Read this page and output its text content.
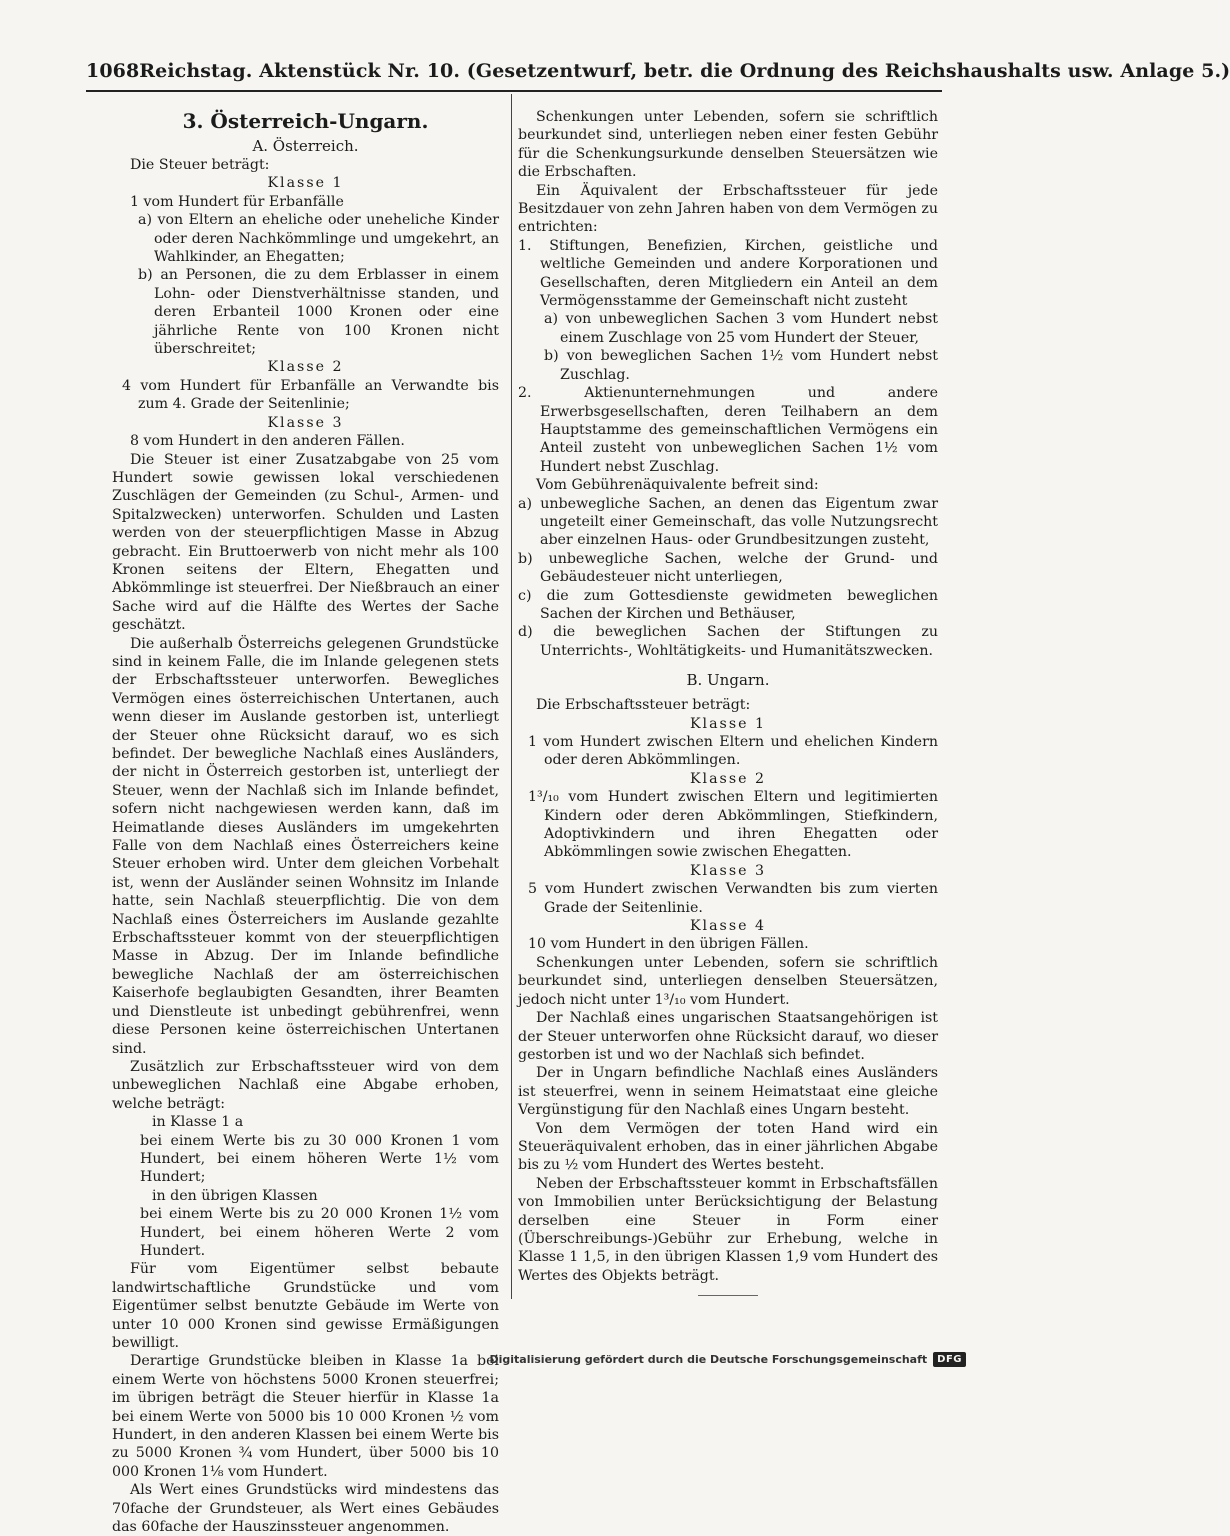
1068 Reichstag. Aktenstück Nr. 10. (Gesetzentwurf, betr. die Ordnung des Reichshaushalts usw. Anlage 5.)
3. Österreich-Ungarn.
A. Österreich.

Die Steuer beträgt:

Klasse 1

1 vom Hundert für Erbanfälle

a) von Eltern an eheliche oder uneheliche Kinder oder deren Nachkömmlinge und umgekehrt, an Wahlkinder, an Ehegatten;

b) an Personen, die zu dem Erblasser in einem Lohn- oder Dienstverhältnisse standen, und deren Erbanteil 1000 Kronen oder eine jährliche Rente von 100 Kronen nicht überschreitet;

Klasse 2

4 vom Hundert für Erbanfälle an Verwandte bis zum 4. Grade der Seitenlinie;

Klasse 3

8 vom Hundert in den anderen Fällen.

Die Steuer ist einer Zusatzabgabe von 25 vom Hundert sowie gewissen lokal verschiedenen Zuschlägen der Gemeinden (zu Schul-, Armen- und Spitalzwecken) unterworfen. Schulden und Lasten werden von der steuerpflichtigen Masse in Abzug gebracht. Ein Bruttoerwerb von nicht mehr als 100 Kronen seitens der Eltern, Ehegatten und Abkömmlinge ist steuerfrei. Der Nießbrauch an einer Sache wird auf die Hälfte des Wertes der Sache geschätzt.

Die außerhalb Österreichs gelegenen Grundstücke sind in keinem Falle, die im Inlande gelegenen stets der Erbschaftssteuer unterworfen. Bewegliches Vermögen eines österreichischen Untertanen, auch wenn dieser im Auslande gestorben ist, unterliegt der Steuer ohne Rücksicht darauf, wo es sich befindet. Der bewegliche Nachlaß eines Ausländers, der nicht in Österreich gestorben ist, unterliegt der Steuer, wenn der Nachlaß sich im Inlande befindet, sofern nicht nachgewiesen werden kann, daß im Heimatlande dieses Ausländers im umgekehrten Falle von dem Nachlaß eines Österreichers keine Steuer erhoben wird. Unter dem gleichen Vorbehalt ist, wenn der Ausländer seinen Wohnsitz im Inlande hatte, sein Nachlaß steuerpflichtig. Die von dem Nachlaß eines Österreichers im Auslande gezahlte Erbschaftssteuer kommt von der steuerpflichtigen Masse in Abzug. Der im Inlande befindliche bewegliche Nachlaß der am österreichischen Kaiserhofe beglaubigten Gesandten, ihrer Beamten und Dienstleute ist unbedingt gebührenfrei, wenn diese Personen keine österreichischen Untertanen sind.

Zusätzlich zur Erbschaftssteuer wird von dem unbeweglichen Nachlaß eine Abgabe erhoben, welche beträgt:

in Klasse 1 a

bei einem Werte bis zu 30 000 Kronen 1 vom Hundert, bei einem höheren Werte 1½ vom Hundert;

in den übrigen Klassen

bei einem Werte bis zu 20 000 Kronen 1½ vom Hundert, bei einem höheren Werte 2 vom Hundert.

Für vom Eigentümer selbst bebaute landwirtschaftliche Grundstücke und vom Eigentümer selbst benutzte Gebäude im Werte von unter 10 000 Kronen sind gewisse Ermäßigungen bewilligt.

Derartige Grundstücke bleiben in Klasse 1a bei einem Werte von höchstens 5000 Kronen steuerfrei; im übrigen beträgt die Steuer hierfür in Klasse 1a bei einem Werte von 5000 bis 10 000 Kronen ½ vom Hundert, in den anderen Klassen bei einem Werte bis zu 5000 Kronen ¾ vom Hundert, über 5000 bis 10 000 Kronen 1⅛ vom Hundert.

Als Wert eines Grundstücks wird mindestens das 70fache der Grundsteuer, als Wert eines Gebäudes das 60fache der Hauszinssteuer angenommen.

Schenkungen unter Lebenden, sofern sie schriftlich beurkundet sind, unterliegen neben einer festen Gebühr für die Schenkungsurkunde denselben Steuersätzen wie die Erbschaften.

Ein Äquivalent der Erbschaftssteuer für jede Besitzdauer von zehn Jahren haben von dem Vermögen zu entrichten:

1. Stiftungen, Benefizien, Kirchen, geistliche und weltliche Gemeinden und andere Korporationen und Gesellschaften, deren Mitgliedern ein Anteil an dem Vermögensstamme der Gemeinschaft nicht zusteht

a) von unbeweglichen Sachen 3 vom Hundert nebst einem Zuschlage von 25 vom Hundert der Steuer,

b) von beweglichen Sachen 1½ vom Hundert nebst Zuschlag.

2. Aktienunternehmungen und andere Erwerbsgesellschaften, deren Teilhabern an dem Hauptstamme des gemeinschaftlichen Vermögens ein Anteil zusteht von unbeweglichen Sachen 1½ vom Hundert nebst Zuschlag.

Vom Gebührenäquivalente befreit sind:

a) unbewegliche Sachen, an denen das Eigentum zwar ungeteilt einer Gemeinschaft, das volle Nutzungsrecht aber einzelnen Haus- oder Grundbesitzungen zusteht,

b) unbewegliche Sachen, welche der Grund- und Gebäudesteuer nicht unterliegen,

c) die zum Gottesdienste gewidmeten beweglichen Sachen der Kirchen und Bethäuser,

d) die beweglichen Sachen der Stiftungen zu Unterrichts-, Wohltätigkeits- und Humanitätszwecken.

B. Ungarn.

Die Erbschaftssteuer beträgt:

Klasse 1

1 vom Hundert zwischen Eltern und ehelichen Kindern oder deren Abkömmlingen.

Klasse 2

1³/₁₀ vom Hundert zwischen Eltern und legitimierten Kindern oder deren Abkömmlingen, Stiefkindern, Adoptivkindern und ihren Ehegatten oder Abkömmlingen sowie zwischen Ehegatten.

Klasse 3

5 vom Hundert zwischen Verwandten bis zum vierten Grade der Seitenlinie.

Klasse 4

10 vom Hundert in den übrigen Fällen.

Schenkungen unter Lebenden, sofern sie schriftlich beurkundet sind, unterliegen denselben Steuersätzen, jedoch nicht unter 1³/₁₀ vom Hundert.

Der Nachlaß eines ungarischen Staatsangehörigen ist der Steuer unterworfen ohne Rücksicht darauf, wo dieser gestorben ist und wo der Nachlaß sich befindet.

Der in Ungarn befindliche Nachlaß eines Ausländers ist steuerfrei, wenn in seinem Heimatstaat eine gleiche Vergünstigung für den Nachlaß eines Ungarn besteht.

Von dem Vermögen der toten Hand wird ein Steueräquivalent erhoben, das in einer jährlichen Abgabe bis zu ½ vom Hundert des Wertes besteht.

Neben der Erbschaftssteuer kommt in Erbschaftsfällen von Immobilien unter Berücksichtigung der Belastung derselben eine Steuer in Form einer (Überschreibungs-)Gebühr zur Erhebung, welche in Klasse 1 1,5, in den übrigen Klassen 1,9 vom Hundert des Wertes des Objekts beträgt.

Digitalisierung gefördert durch die Deutsche Forschungsgemeinschaft	DFG
